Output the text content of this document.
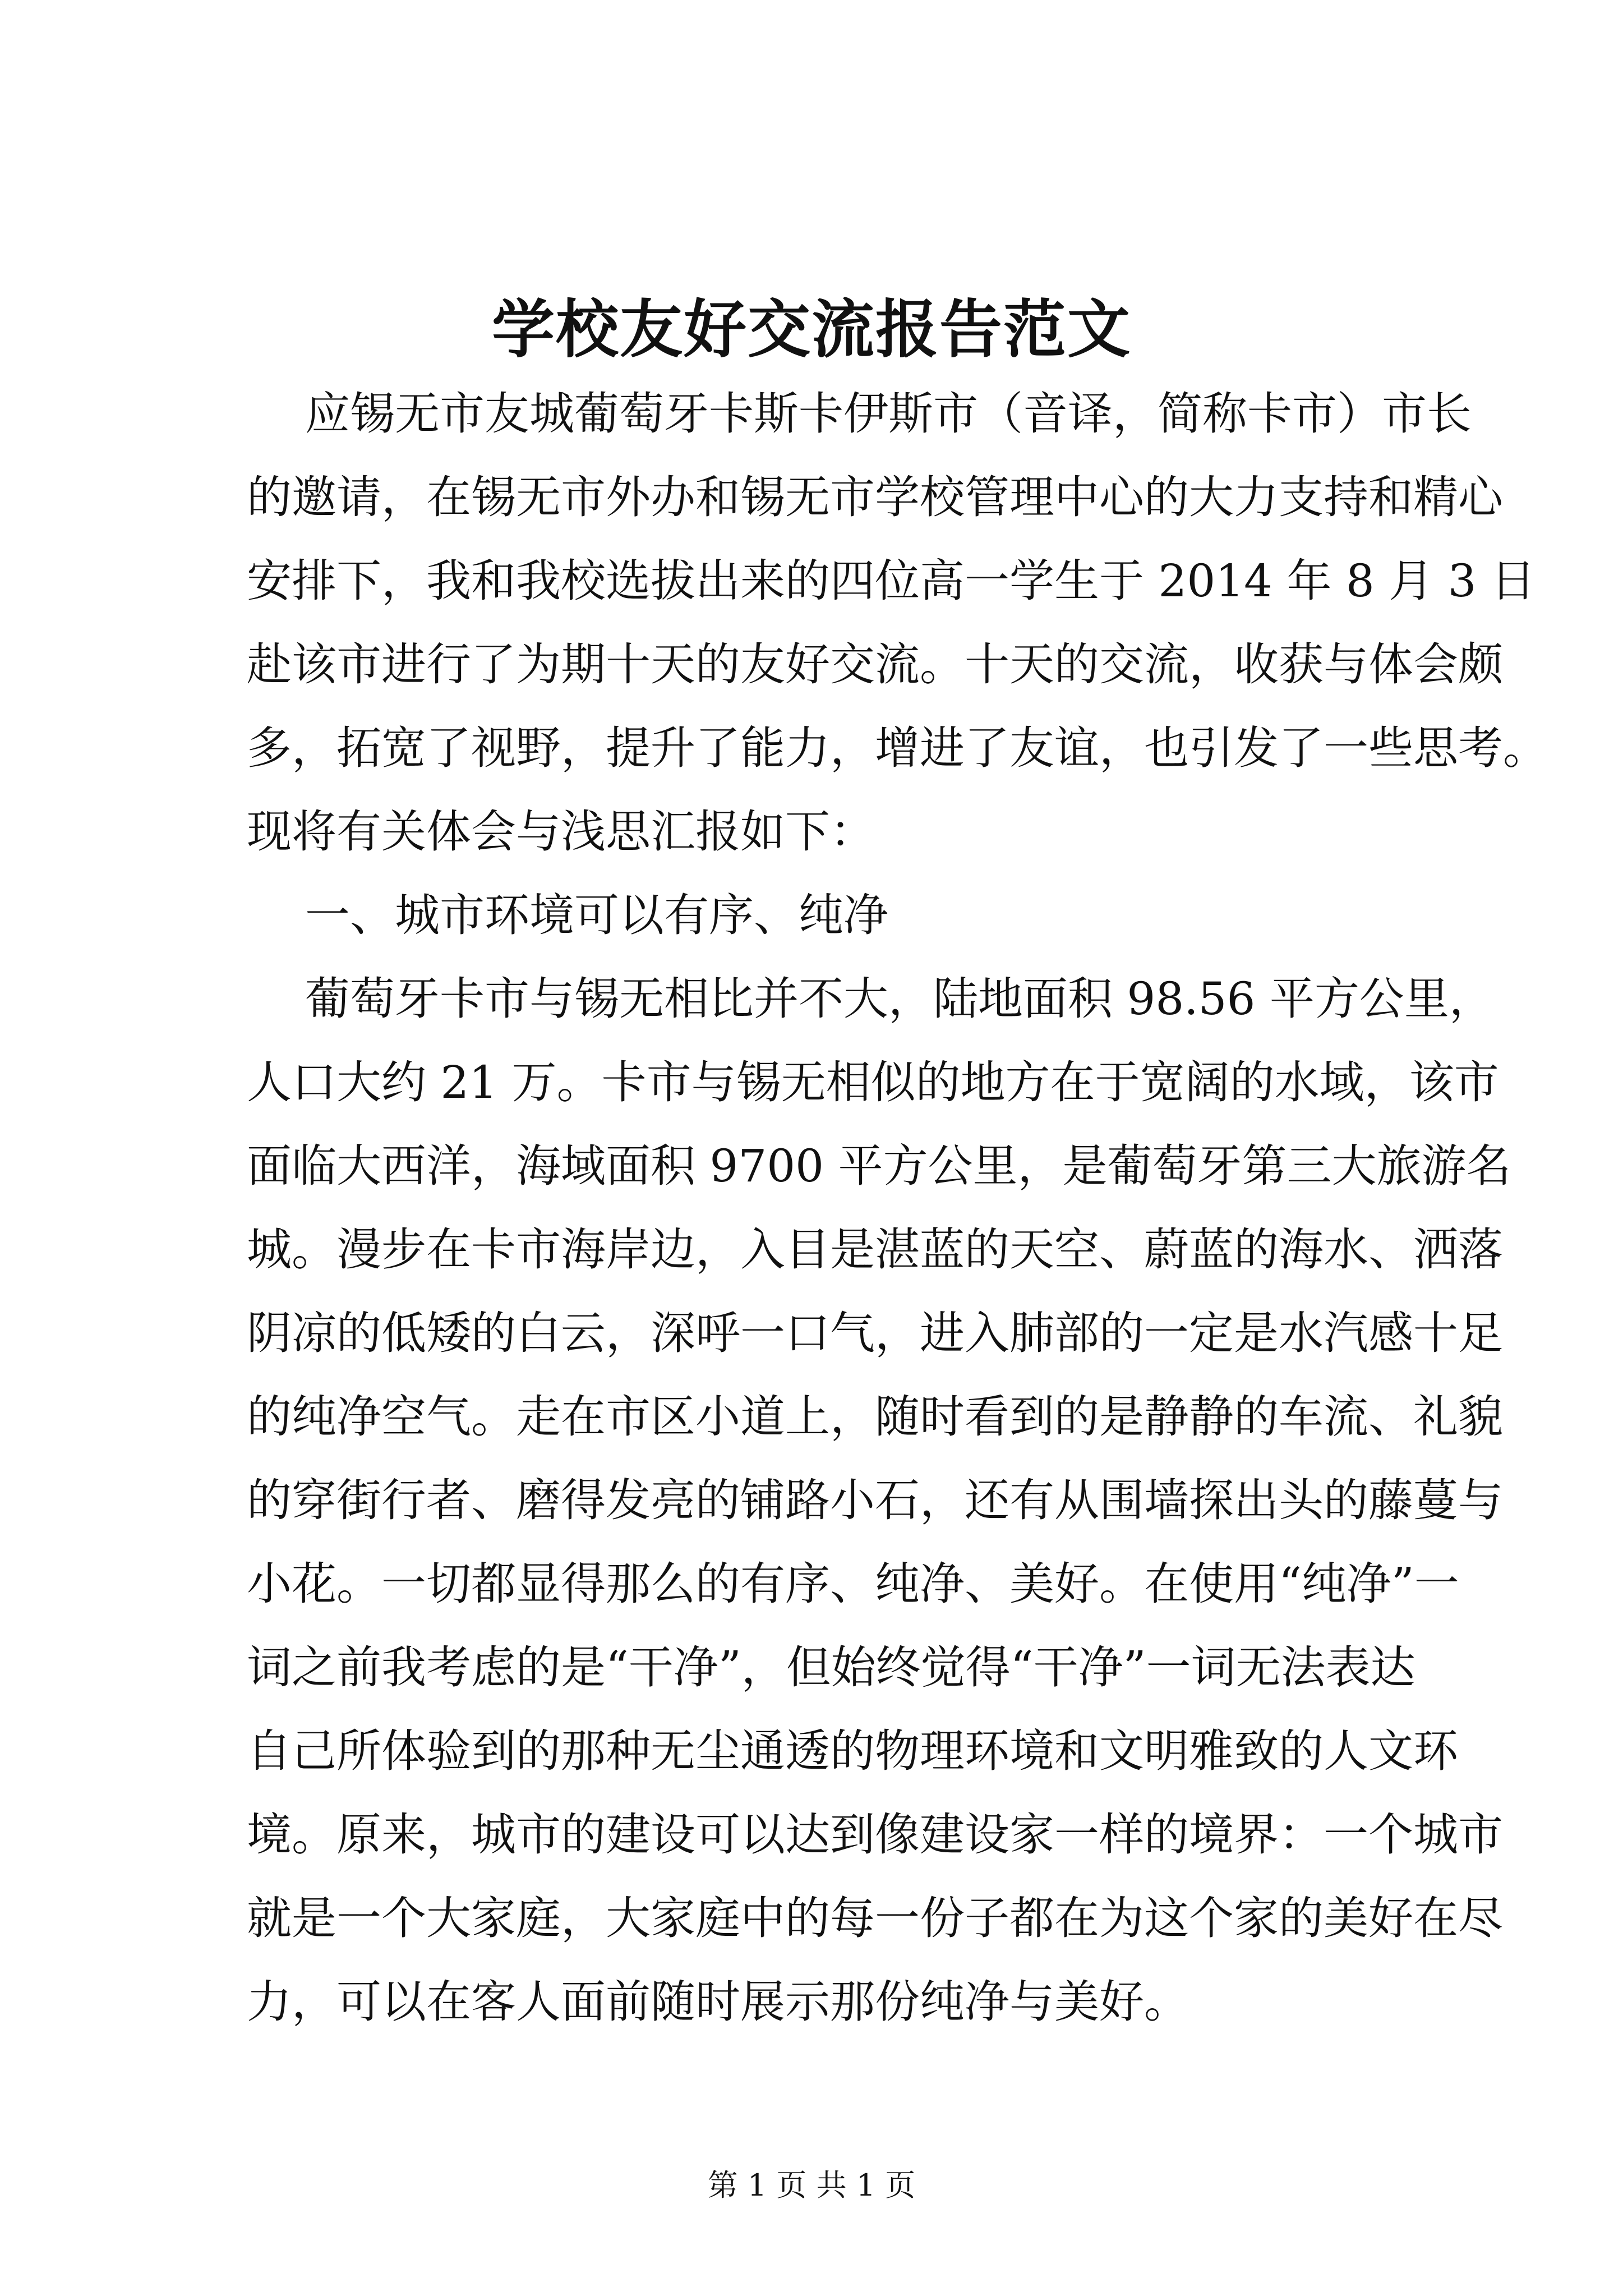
学校友好交流报告范文

应锡无市友城葡萄牙卡斯卡伊斯市（音译，简称卡市）市长

的邀请，在锡无市外办和锡无市学校管理中心的大力支持和精心

安排下，我和我校选拔出来的四位高一学生于 2014 年 8 月 3 日

赴该市进行了为期十天的友好交流。十天的交流，收获与体会颇

多，拓宽了视野，提升了能力，增进了友谊，也引发了一些思考。

现将有关体会与浅思汇报如下：

一、城市环境可以有序、纯净

葡萄牙卡市与锡无相比并不大，陆地面积 98.56 平方公里，

人口大约 21 万。卡市与锡无相似的地方在于宽阔的水域，该市

面临大西洋，海域面积 9700 平方公里，是葡萄牙第三大旅游名

城。漫步在卡市海岸边，入目是湛蓝的天空、蔚蓝的海水、洒落

阴凉的低矮的白云，深呼一口气，进入肺部的一定是水汽感十足

的纯净空气。走在市区小道上，随时看到的是静静的车流、礼貌

的穿街行者、磨得发亮的铺路小石，还有从围墙探出头的藤蔓与

小花。一切都显得那么的有序、纯净、美好。在使用“纯净”一

词之前我考虑的是“干净”，但始终觉得“干净”一词无法表达

自己所体验到的那种无尘通透的物理环境和文明雅致的人文环

境。原来，城市的建设可以达到像建设家一样的境界：一个城市

就是一个大家庭，大家庭中的每一份子都在为这个家的美好在尽

力，可以在客人面前随时展示那份纯净与美好。

第 1 页 共 1 页
